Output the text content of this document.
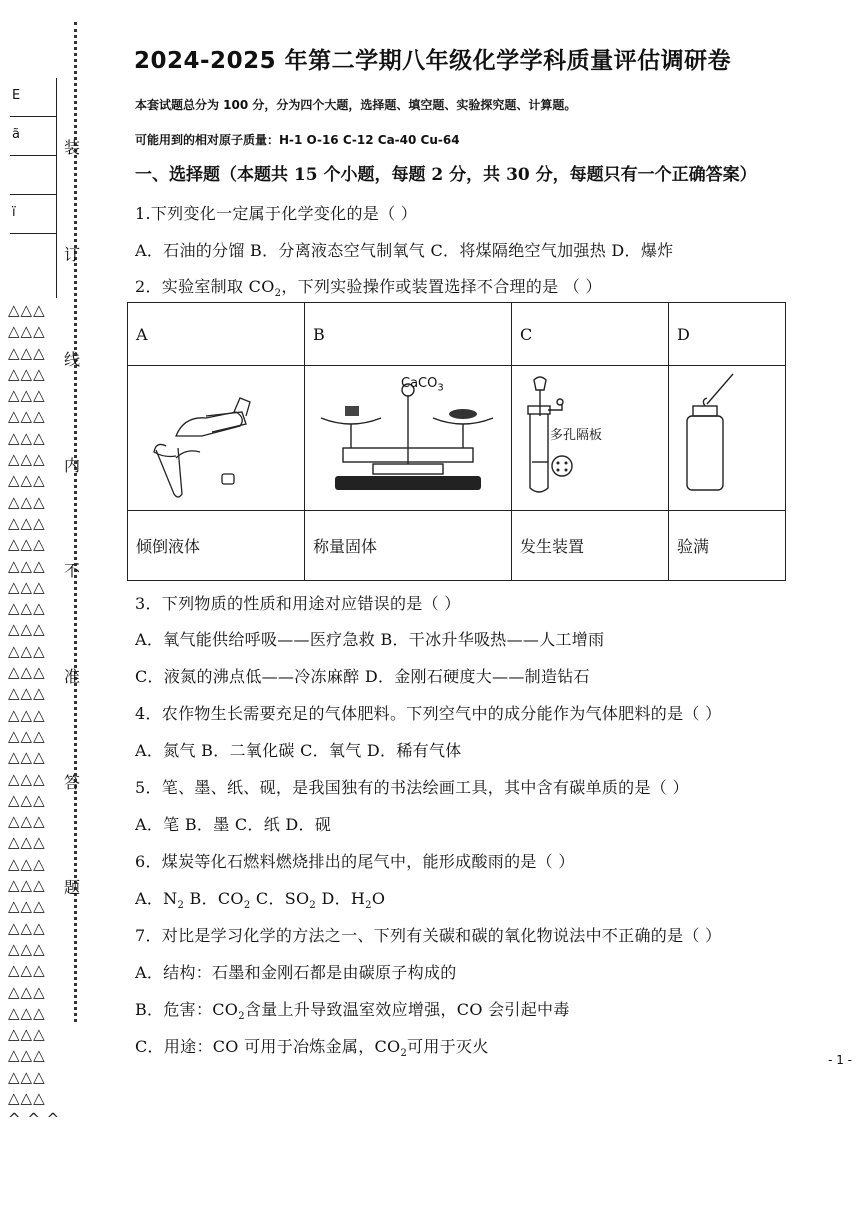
E
ã
ï
装
订
线
内
不
准
答
题
△△△
△△△
△△△
△△△
△△△
△△△
△△△
△△△
△△△
△△△
△△△
△△△
△△△
△△△
△△△
△△△
△△△
△△△
△△△
△△△
△△△
△△△
△△△
△△△
△△△
△△△
△△△
△△△
△△△
△△△
△△△
△△△
△△△
△△△
△△△
△△△
△△△
△△△
^ ^ ^
2024-2025 年第二学期八年级化学学科质量评估调研卷
本套试题总分为 100 分，分为四个大题，选择题、填空题、实验探究题、计算题。
可能用到的相对原子质量：H-1 O-16 C-12 Ca-40 Cu-64
一、选择题（本题共 15 个小题，每题 2 分，共 30 分，每题只有一个正确答案）
1.下列变化一定属于化学变化的是（ ）
A．石油的分馏 B．分离液态空气制氧气 C．将煤隔绝空气加强热 D．爆炸
2．实验室制取 $CO_2$，下列实验操作或装置选择不合理的是 （ ）
A	B	C	D

CaCO$_3$	多孔隔板

倾倒液体	称量固体	发生装置	验满
3．下列物质的性质和用途对应错误的是（ ）
A．氧气能供给呼吸——医疗急救 B．干冰升华吸热——人工增雨
C．液氮的沸点低——冷冻麻醉 D．金刚石硬度大——制造钻石
4．农作物生长需要充足的气体肥料。下列空气中的成分能作为气体肥料的是（ ）
A．氮气 B．二氧化碳 C．氧气 D．稀有气体
5．笔、墨、纸、砚，是我国独有的书法绘画工具，其中含有碳单质的是（ ）
A．笔 B．墨 C．纸 D．砚
6．煤炭等化石燃料燃烧排出的尾气中，能形成酸雨的是（ ）
A．$N_2$ B．$CO_2$ C．$SO_2$ D．$H_2O$
7．对比是学习化学的方法之一、下列有关碳和碳的氧化物说法中不正确的是（ ）
A．结构：石墨和金刚石都是由碳原子构成的
B．危害：$CO_2$含量上升导致温室效应增强，CO 会引起中毒
C．用途：CO 可用于冶炼金属，$CO_2$可用于灭火
- 1 -
